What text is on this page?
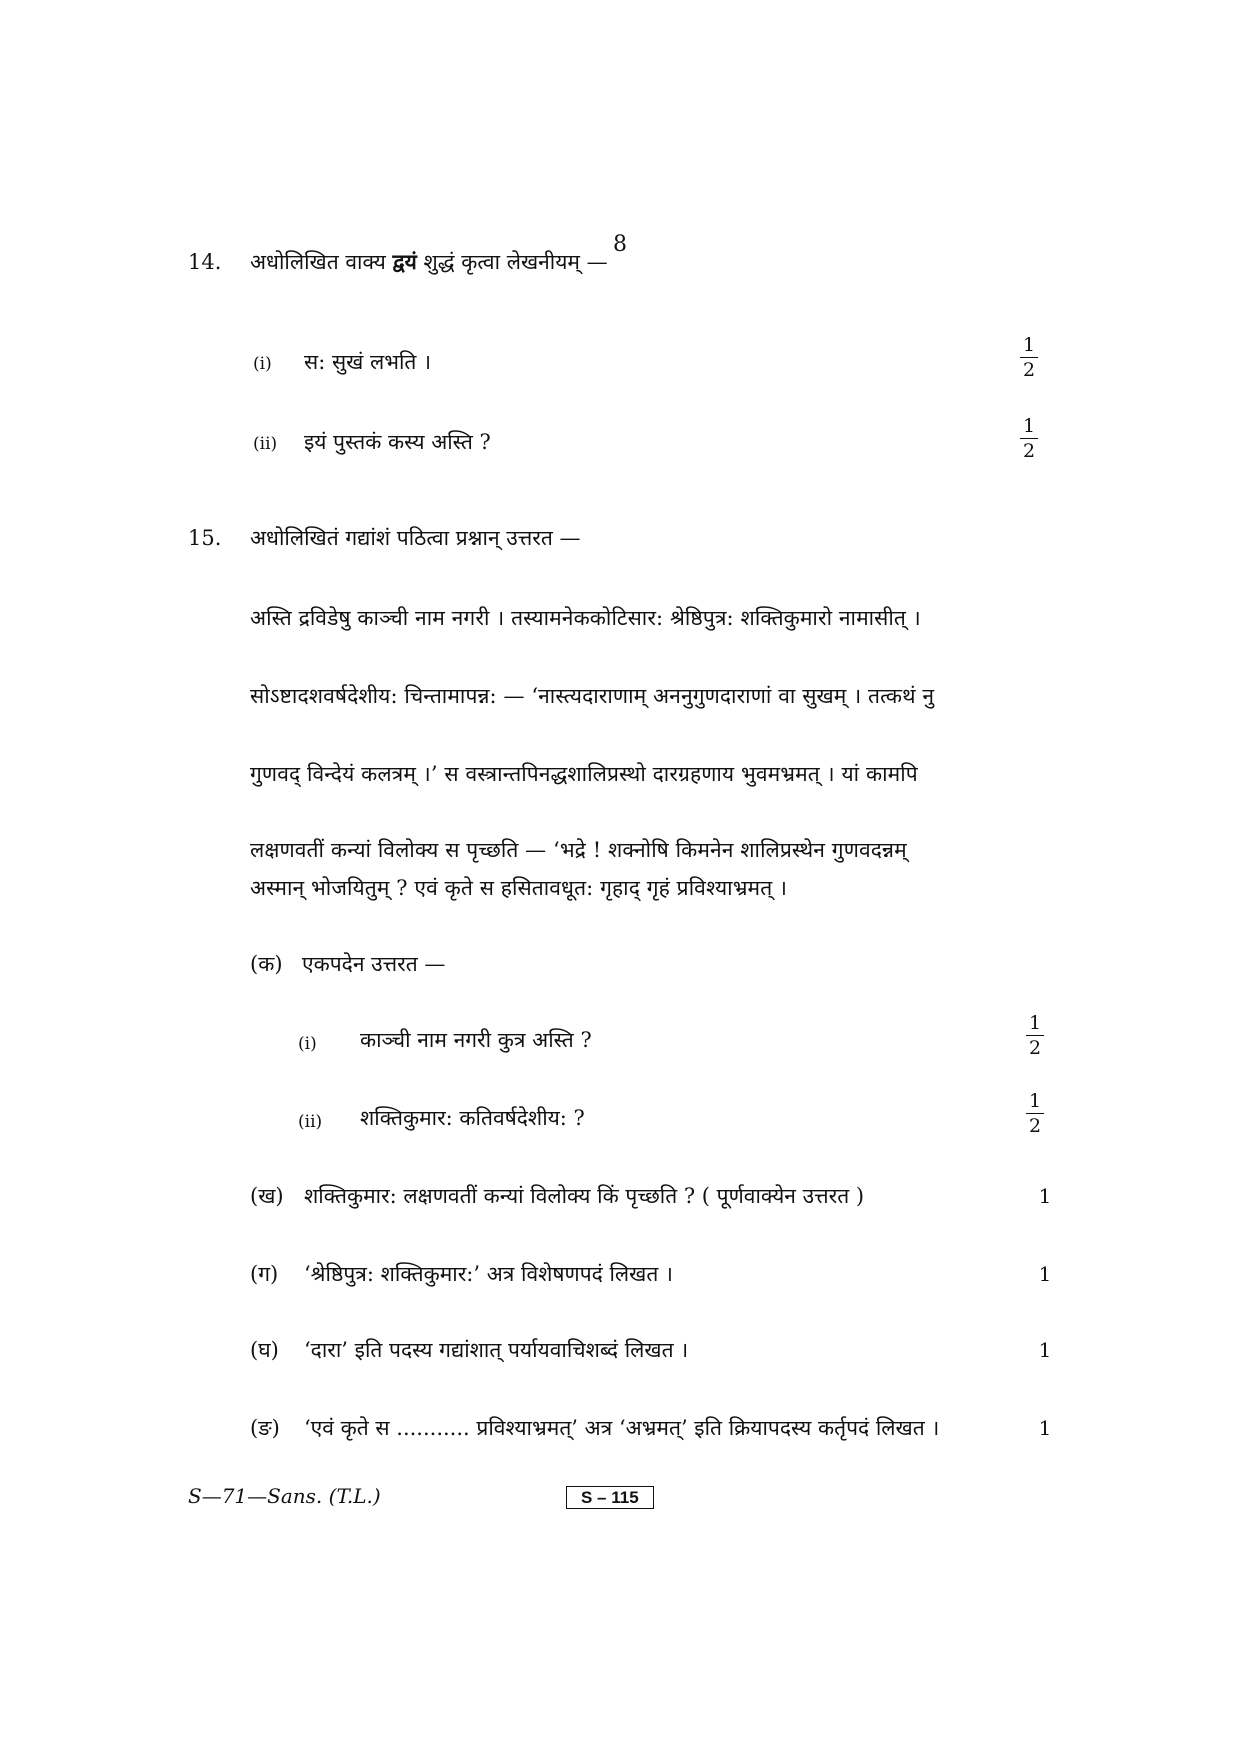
8
14. अधोलिखित वाक्य द्वयं शुद्धं कृत्वा लेखनीयम् —
(i) स: सुखं लभति ।	$\frac{1}{2}$
(ii) इयं पुस्तकं कस्य अस्ति ?	$\frac{1}{2}$
15. अधोलिखितं गद्यांशं पठित्वा प्रश्नान् उत्तरत —
अस्ति द्रविडेषु काञ्ची नाम नगरी । तस्यामनेककोटिसार: श्रेष्ठिपुत्र: शक्तिकुमारो नामासीत् ।
सोऽष्टादशवर्षदेशीय: चिन्तामापन्न: — ‘नास्त्यदाराणाम् अननुगुणदाराणां वा सुखम् । तत्कथं नु
गुणवद् विन्देयं कलत्रम् ।’ स वस्त्रान्तपिनद्धशालिप्रस्थो दारग्रहणाय भुवमभ्रमत् । यां कामपि
लक्षणवतीं कन्यां विलोक्य स पृच्छति — ‘भद्रे ! शक्नोषि किमनेन शालिप्रस्थेन गुणवदन्नम्
अस्मान् भोजयितुम् ? एवं कृते स हसितावधूत: गृहाद् गृहं प्रविश्याभ्रमत् ।
(क) एकपदेन उत्तरत —
(i) काञ्ची नाम नगरी कुत्र अस्ति ?	$\frac{1}{2}$
(ii) शक्तिकुमार: कतिवर्षदेशीय: ?	$\frac{1}{2}$
(ख) शक्तिकुमार: लक्षणवतीं कन्यां विलोक्य किं पृच्छति ? ( पूर्णवाक्येन उत्तरत )	1
(ग) ‘श्रेष्ठिपुत्र: शक्तिकुमार:’ अत्र विशेषणपदं लिखत ।	1
(घ) ‘दारा’ इति पदस्य गद्यांशात् पर्यायवाचिशब्दं लिखत ।	1
(ङ) ‘एवं कृते स ........... प्रविश्याभ्रमत्’ अत्र ‘अभ्रमत्’ इति क्रियापदस्य कर्तृपदं लिखत ।	1
S—71—Sans. (T.L.)	S – 115
